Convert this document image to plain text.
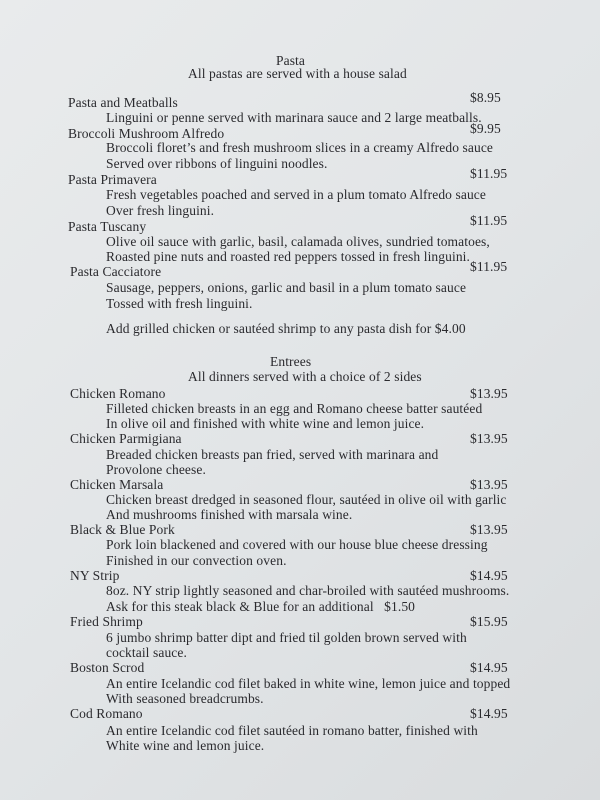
Pasta
All pastas are served with a house salad
Pasta and Meatballs	$8.95
Linguini or penne served with marinara sauce and 2 large meatballs.
Broccoli Mushroom Alfredo	$9.95
Broccoli floret’s and fresh mushroom slices in a creamy Alfredo sauce
Served over ribbons of linguini noodles.
Pasta Primavera	$11.95
Fresh vegetables poached and served in a plum tomato Alfredo sauce
Over fresh linguini.
Pasta Tuscany	$11.95
Olive oil sauce with garlic, basil, calamada olives, sundried tomatoes,
Roasted pine nuts and roasted red peppers tossed in fresh linguini.
Pasta Cacciatore	$11.95
Sausage, peppers, onions, garlic and basil in a plum tomato sauce
Tossed with fresh linguini.
Add grilled chicken or sautéed shrimp to any pasta dish for $4.00
Entrees
All dinners served with a choice of 2 sides
Chicken Romano	$13.95
Filleted chicken breasts in an egg and Romano cheese batter sautéed
In olive oil and finished with white wine and lemon juice.
Chicken Parmigiana	$13.95
Breaded chicken breasts pan fried, served with marinara and
Provolone cheese.
Chicken Marsala	$13.95
Chicken breast dredged in seasoned flour, sautéed in olive oil with garlic
And mushrooms finished with marsala wine.
Black & Blue Pork	$13.95
Pork loin blackened and covered with our house blue cheese dressing
Finished in our convection oven.
NY Strip	$14.95
8oz. NY strip lightly seasoned and char-broiled with sautéed mushrooms.
Ask for this steak black & Blue for an additional   $1.50
Fried Shrimp	$15.95
6 jumbo shrimp batter dipt and fried til golden brown served with
cocktail sauce.
Boston Scrod	$14.95
An entire Icelandic cod filet baked in white wine, lemon juice and topped
With seasoned breadcrumbs.
Cod Romano	$14.95
An entire Icelandic cod filet sautéed in romano batter, finished with
White wine and lemon juice.
